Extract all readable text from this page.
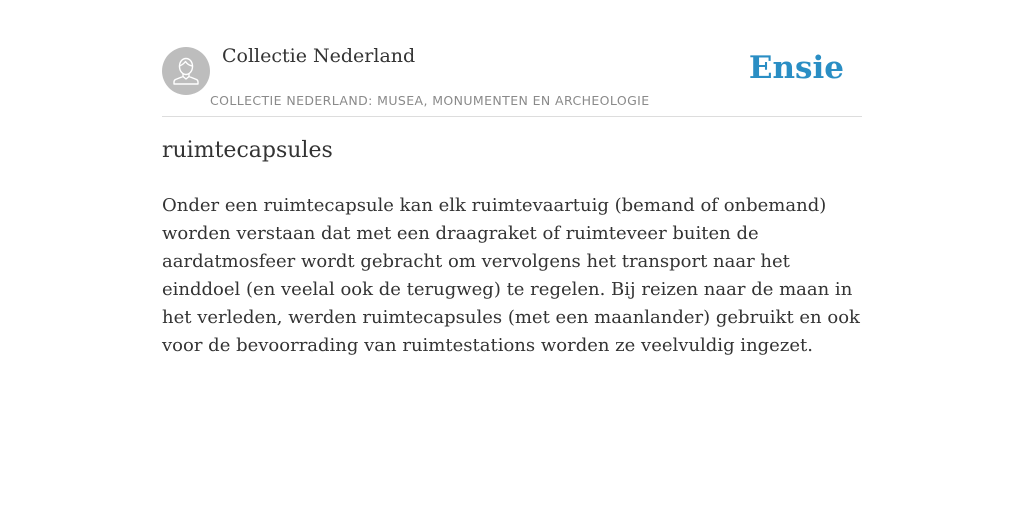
Collectie Nederland
COLLECTIE NEDERLAND: MUSEA, MONUMENTEN EN ARCHEOLOGIE
Ensie
ruimtecapsules

Onder een ruimtecapsule kan elk ruimtevaartuig (bemand of onbemand) worden verstaan dat met een draagraket of ruimteveer buiten de aardatmosfeer wordt gebracht om vervolgens het transport naar het einddoel (en veelal ook de terugweg) te regelen. Bij reizen naar de maan in het verleden, werden ruimtecapsules (met een maanlander) gebruikt en ook voor de bevoorrading van ruimtestations worden ze veelvuldig ingezet.
